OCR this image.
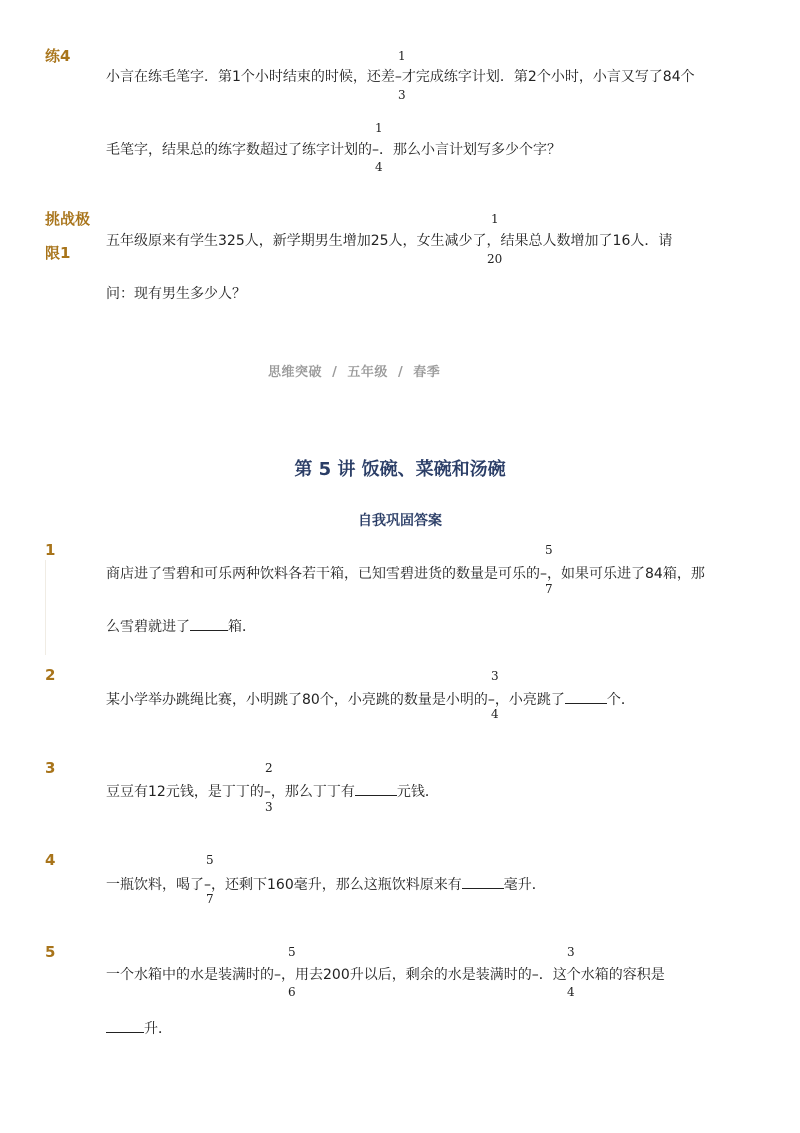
练4	1
小言在练毛笔字．第1个小时结束的时候，还差–才完成练字计划．第2个小时，小言又写了84个
3
1
毛笔字，结果总的练字数超过了练字计划的–．那么小言计划写多少个字？
4
挑战极
限1
1
五年级原来有学生325人，新学期男生增加25人，女生减少了，结果总人数增加了16人．请
20
问：现有男生多少人？
思维突破 / 五年级 / 春季
第 5 讲 饭碗、菜碗和汤碗
自我巩固答案
1	5
商店进了雪碧和可乐两种饮料各若干箱，已知雪碧进货的数量是可乐的–，如果可乐进了84箱，那
7
么雪碧就进了	箱．
2	3
某小学举办跳绳比赛，小明跳了80个，小亮跳的数量是小明的–，小亮跳了	个．
4
3	2
豆豆有12元钱，是丁丁的–，那么丁丁有	元钱．
3
4	5
一瓶饮料，喝了–，还剩下160毫升，那么这瓶饮料原来有	毫升．
7
5	5	3
一个水箱中的水是装满时的–，用去200升以后，剩余的水是装满时的–．这个水箱的容积是
6	4
升．
